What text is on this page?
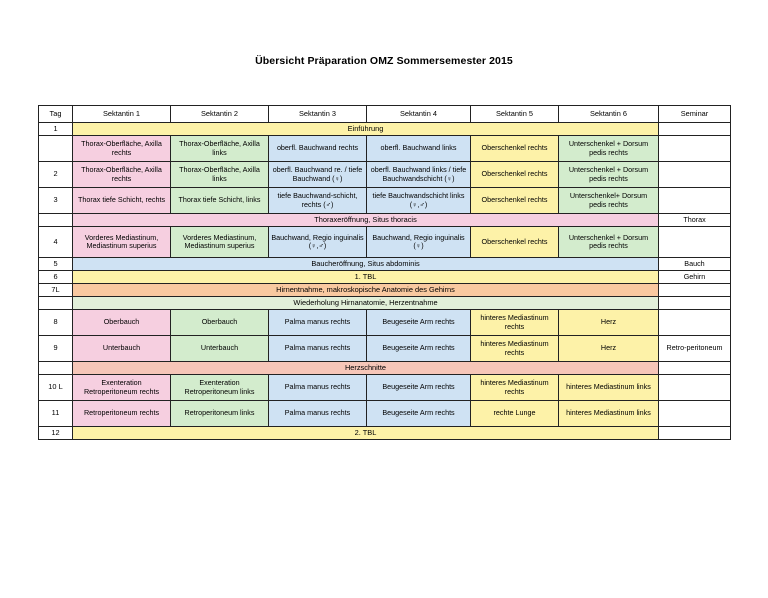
Übersicht Präparation OMZ Sommersemester 2015
Tag	Sektantin 1	Sektantin 2	Sektantin 3	Sektantin 4	Sektantin 5	Sektantin 6	Seminar
1	Einführung						
	Thorax-Oberfläche, Axilla rechts	Thorax-Oberfläche, Axilla links	oberfl. Bauchwand rechts	oberfl. Bauchwand links	Oberschenkel rechts	Unterschenkel + Dorsum pedis rechts	
2	Thorax-Oberfläche, Axilla rechts	Thorax-Oberfläche, Axilla links	oberfl. Bauchwand re. / tiefe Bauchwand (♀)	oberfl. Bauchwand links / tiefe Bauchwandschicht (♀)	Oberschenkel rechts	Unterschenkel + Dorsum pedis rechts	
3	Thorax tiefe Schicht, rechts	Thorax tiefe Schicht, links	tiefe Bauchwand-schicht, rechts (♂)	tiefe Bauchwandschicht links (♀,♂)	Oberschenkel rechts	Unterschenkel+ Dorsum pedis rechts	
	Thoraxeröffnung, Situs thoracis						Thorax
4	Vorderes Mediastinum, Mediastinum superius	Vorderes Mediastinum, Mediastinum superius	Bauchwand, Regio inguinalis (♀,♂)	Bauchwand, Regio inguinalis (♀)	Oberschenkel rechts	Unterschenkel + Dorsum pedis rechts	
5	Baucheröffnung, Situs abdominis						Bauch
6	1. TBL						Gehirn
7L	Hirnentnahme, makroskopische Anatomie des Gehirns						
	Wiederholung Hirnanatomie, Herzentnahme						
8	Oberbauch	Oberbauch	Palma manus rechts	Beugeseite Arm rechts	hinteres Mediastinum rechts	Herz	
9	Unterbauch	Unterbauch	Palma manus rechts	Beugeseite Arm rechts	hinteres Mediastinum rechts	Herz	Retro-peritoneum
	Herzschnitte						
10 L	Exenteration Retroperitoneum rechts	Exenteration Retroperitoneum links	Palma manus rechts	Beugeseite Arm rechts	hinteres Mediastinum rechts	hinteres Mediastinum links	
11	Retroperitoneum rechts	Retroperitoneum links	Palma manus rechts	Beugeseite Arm rechts	rechte Lunge	hinteres Mediastinum links	
12	2. TBL						
